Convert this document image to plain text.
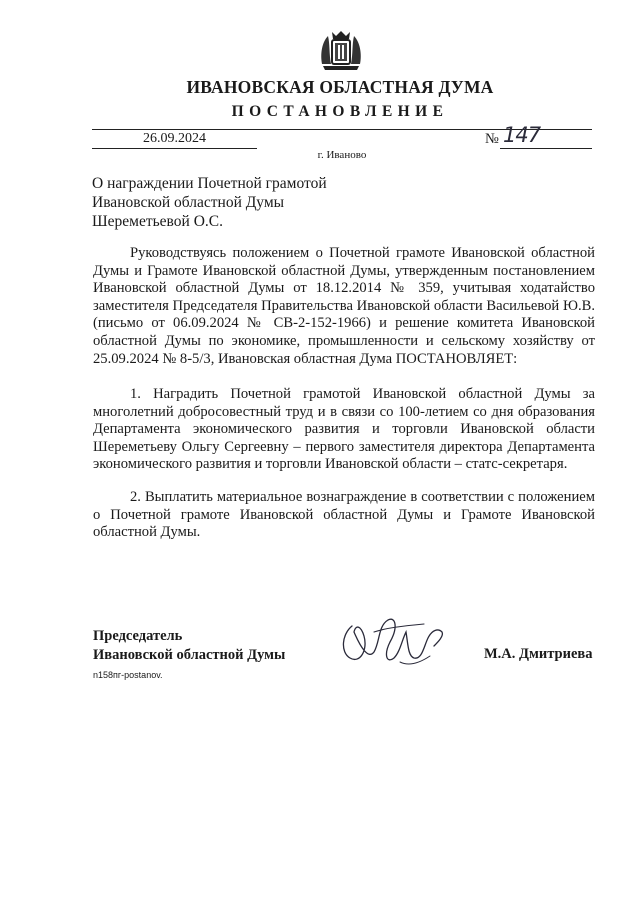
ИВАНОВСКАЯ ОБЛАСТНАЯ ДУМА
ПОСТАНОВЛЕНИЕ
26.09.2024	№ 147
г. Иваново
О награждении Почетной грамотой
Ивановской областной Думы
Шереметьевой О.С.
Руководствуясь положением о Почетной грамоте Ивановской областной Думы и Грамоте Ивановской областной Думы, утвержденным постановлением Ивановской областной Думы от 18.12.2014 № 359, учитывая ходатайство заместителя Председателя Правительства Ивановской области Васильевой Ю.В. (письмо от 06.09.2024 № СВ-2-152-1966) и решение комитета Ивановской областной Думы по экономике, промышленности и сельскому хозяйству от 25.09.2024 № 8-5/3, Ивановская областная Дума ПОСТАНОВЛЯЕТ:
1. Наградить Почетной грамотой Ивановской областной Думы за многолетний добросовестный труд и в связи со 100-летием со дня образования Департамента экономического развития и торговли Ивановской области Шереметьеву Ольгу Сергеевну – первого заместителя директора Департамента экономического развития и торговли Ивановской области – статс-секретаря.
2. Выплатить материальное вознаграждение в соответствии с положением о Почетной грамоте Ивановской областной Думы и Грамоте Ивановской областной Думы.
Председатель
Ивановской областной Думы	М.А. Дмитриева
n158пг-postanov.
